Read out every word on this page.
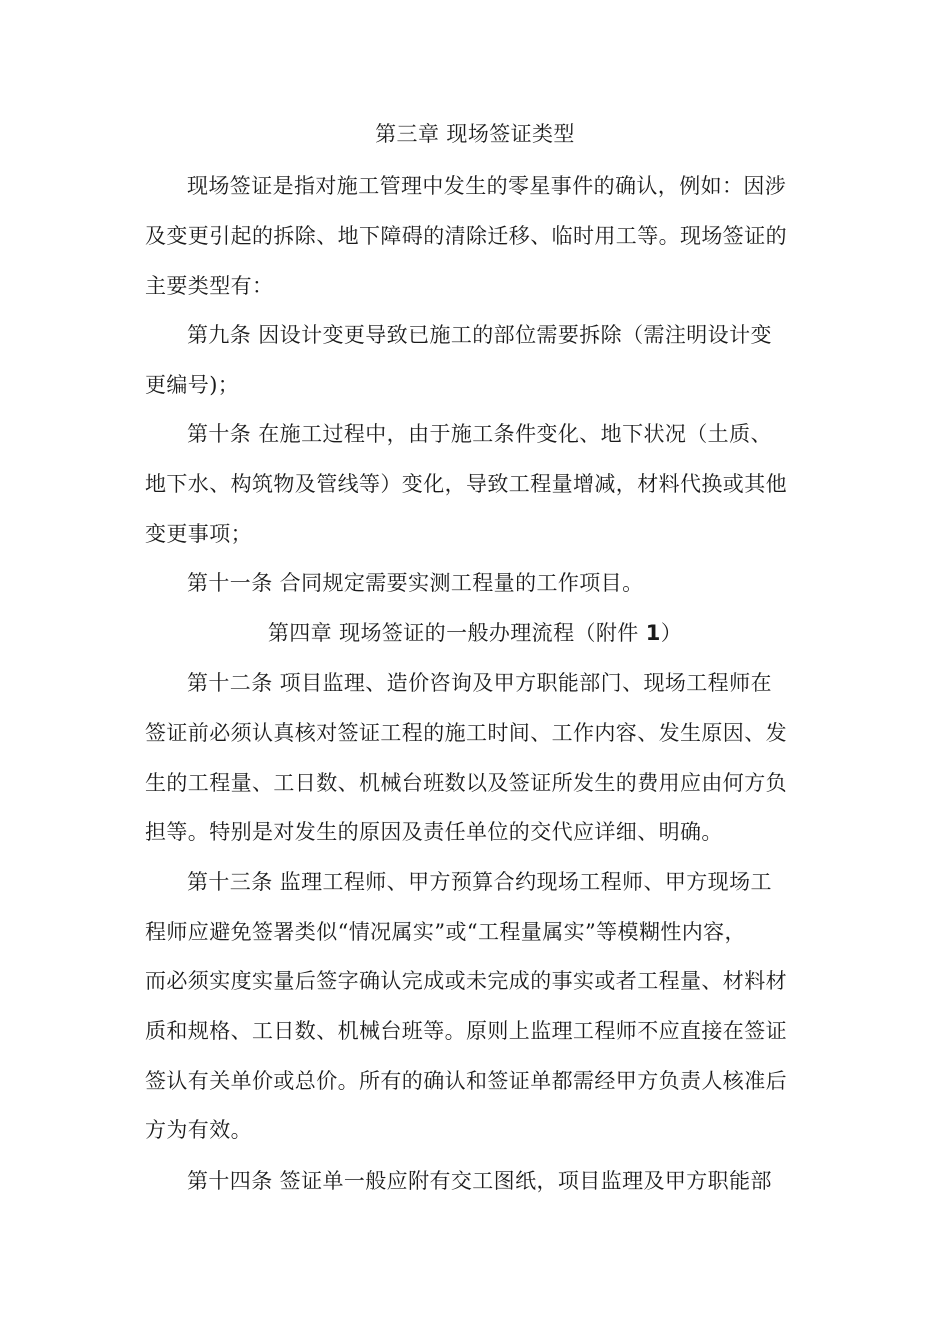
第三章 现场签证类型
现场签证是指对施工管理中发生的零星事件的确认，例如：因涉
及变更引起的拆除、地下障碍的清除迁移、临时用工等。现场签证的
主要类型有：
第九条 因设计变更导致已施工的部位需要拆除（需注明设计变
更编号)；
第十条 在施工过程中，由于施工条件变化、地下状况（土质、
地下水、构筑物及管线等）变化，导致工程量增减，材料代换或其他
变更事项；
第十一条 合同规定需要实测工程量的工作项目。
第四章 现场签证的一般办理流程（附件 1）
第十二条 项目监理、造价咨询及甲方职能部门、现场工程师在
签证前必须认真核对签证工程的施工时间、工作内容、发生原因、发
生的工程量、工日数、机械台班数以及签证所发生的费用应由何方负
担等。特别是对发生的原因及责任单位的交代应详细、明确。
第十三条 监理工程师、甲方预算合约现场工程师、甲方现场工
程师应避免签署类似“情况属实”或“工程量属实”等模糊性内容，
而必须实度实量后签字确认完成或未完成的事实或者工程量、材料材
质和规格、工日数、机械台班等。原则上监理工程师不应直接在签证
签认有关单价或总价。所有的确认和签证单都需经甲方负责人核准后
方为有效。
第十四条 签证单一般应附有交工图纸，项目监理及甲方职能部
